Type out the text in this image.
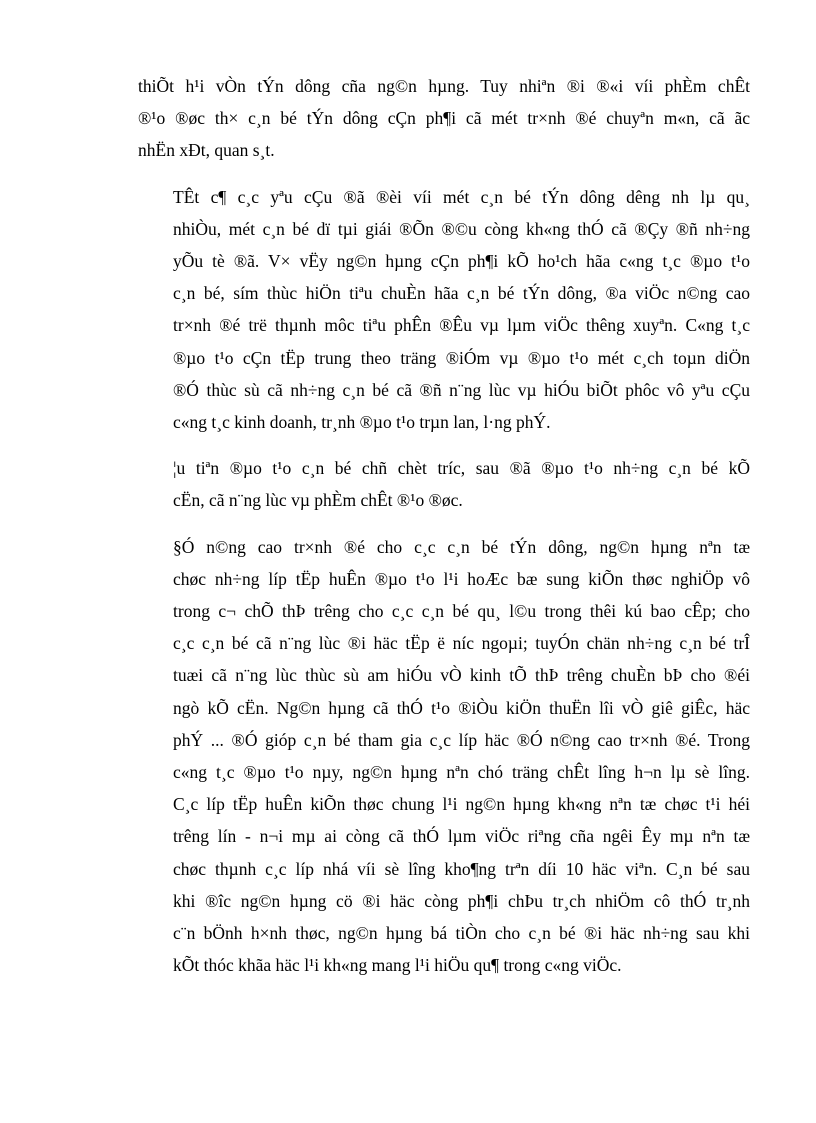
thiÕt h¹i vÒn tÝn dông cña ng©n hµng. Tuy nhiªn ®i ®«i víi phÈm chÊt
®¹o ®øc th× c¸n bé tÝn dông cÇn ph¶i cã mét tr×nh ®é chuyªn m«n, cã ãc
nhËn xÐt, quan s¸t.

TÊt c¶ c¸c yªu cÇu ®ã ®èi víi mét c¸n bé tÝn dông dêng nh lµ qu¸
nhiÒu, mét c¸n bé dï tµi giái ®Õn ®©u còng kh«ng thÓ cã ®Çy ®ñ nh÷ng
yÕu tè ®ã. V× vËy ng©n hµng cÇn ph¶i kÕ ho¹ch hãa c«ng t¸c ®µo t¹o
c¸n bé, sím thùc hiÖn tiªu chuÈn hãa c¸n bé tÝn dông, ®a viÖc n©ng cao
tr×nh ®é trë thµnh môc tiªu phÊn ®Êu vµ lµm viÖc thêng xuyªn. C«ng t¸c
®µo t¹o cÇn tËp trung theo träng ®iÓm vµ ®µo t¹o mét c¸ch toµn diÖn
®Ó thùc sù cã nh÷ng c¸n bé cã ®ñ n¨ng lùc vµ hiÓu biÕt phôc vô yªu cÇu
c«ng t¸c kinh doanh, tr¸nh ®µo t¹o trµn lan, l·ng phÝ.

¦u tiªn ®µo t¹o c¸n bé chñ chèt tríc, sau ®ã ®µo t¹o nh÷ng c¸n bé kÕ
cËn, cã n¨ng lùc vµ phÈm chÊt ®¹o ®øc.

§Ó n©ng cao tr×nh ®é cho c¸c c¸n bé tÝn dông, ng©n hµng nªn tæ
chøc nh÷ng líp tËp huÊn ®µo t¹o l¹i hoÆc bæ sung kiÕn thøc nghiÖp vô
trong c¬ chÕ thÞ trêng cho c¸c c¸n bé qu¸ l©u trong thêi kú bao cÊp; cho
c¸c c¸n bé cã n¨ng lùc ®i häc tËp ë níc ngoµi; tuyÓn chän nh÷ng c¸n bé trÎ
tuæi cã n¨ng lùc thùc sù am hiÓu vÒ kinh tÕ thÞ trêng chuÈn bÞ cho ®éi
ngò kÕ cËn. Ng©n hµng cã thÓ t¹o ®iÒu kiÖn thuËn lîi vÒ giê giÊc, häc
phÝ ... ®Ó gióp c¸n bé tham gia c¸c líp häc ®Ó n©ng cao tr×nh ®é. Trong
c«ng t¸c ®µo t¹o nµy, ng©n hµng nªn chó träng chÊt lîng h¬n lµ sè lîng.
C¸c líp tËp huÊn kiÕn thøc chung l¹i ng©n hµng kh«ng nªn tæ chøc t¹i héi
trêng lín - n¬i mµ ai còng cã thÓ lµm viÖc riªng cña ngêi Êy mµ nªn tæ
chøc thµnh c¸c líp nhá víi sè lîng kho¶ng trªn díi 10 häc viªn. C¸n bé sau
khi ®îc ng©n hµng cö ®i häc còng ph¶i chÞu tr¸ch nhiÖm cô thÓ tr¸nh
c¨n bÖnh h×nh thøc, ng©n hµng bá tiÒn cho c¸n bé ®i häc nh÷ng sau khi
kÕt thóc khãa häc l¹i kh«ng mang l¹i hiÖu qu¶ trong c«ng viÖc.
